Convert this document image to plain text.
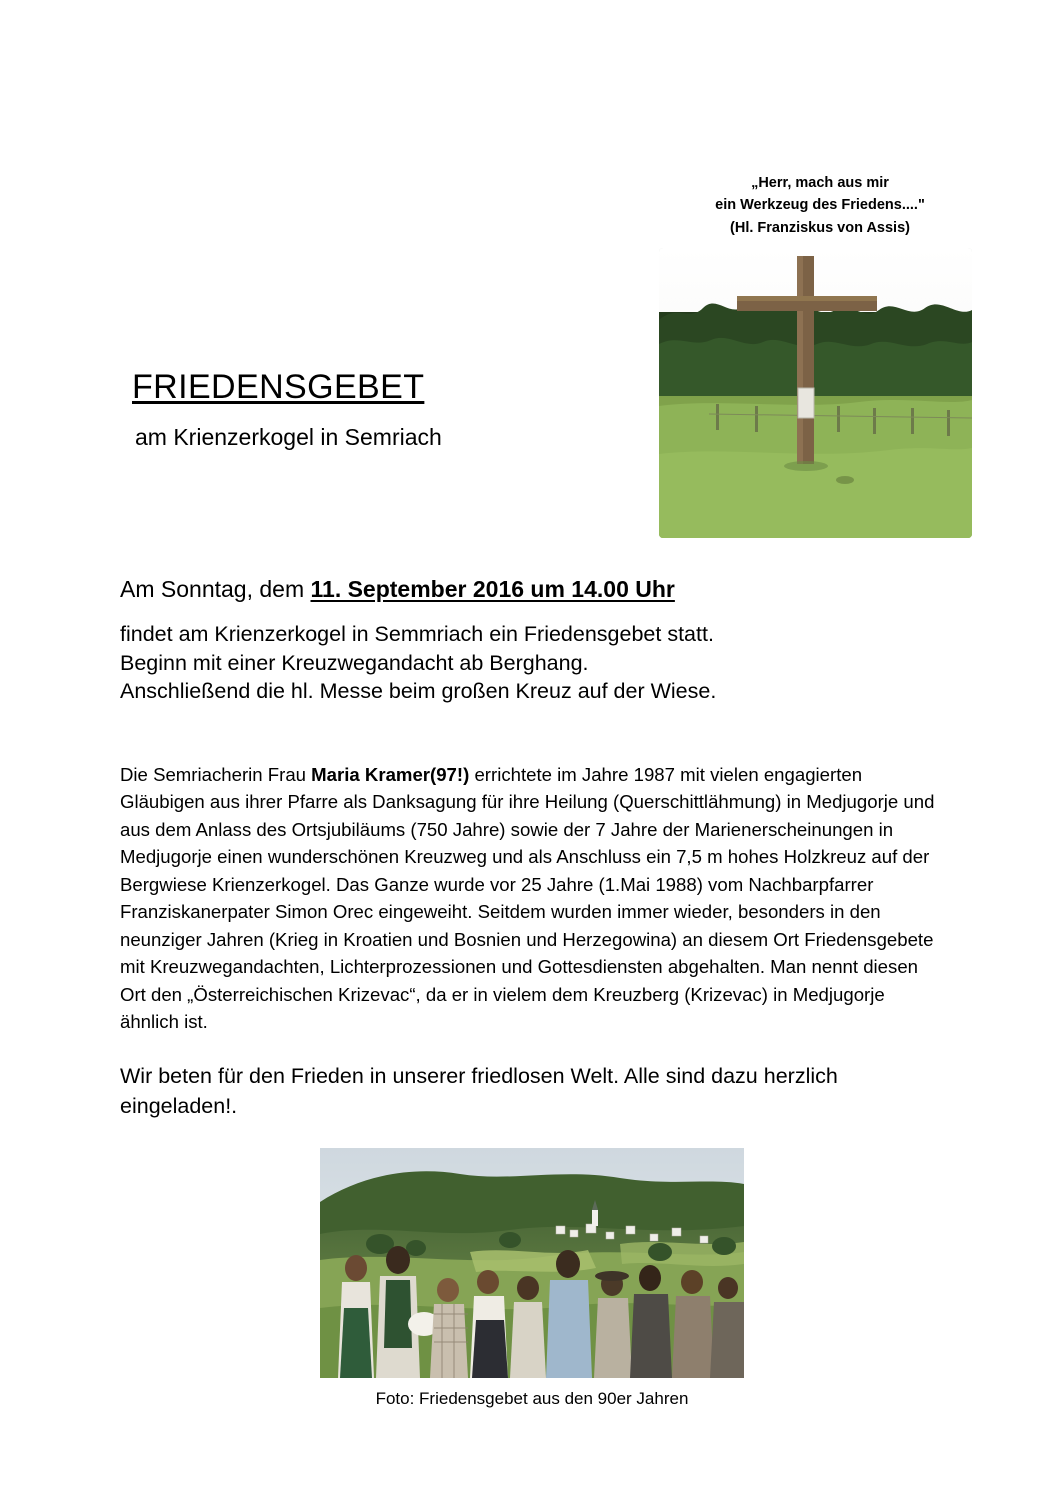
„Herr, mach aus mir
ein Werkzeug des Friedens...."
(Hl. Franziskus von Assis)
FRIEDENSGEBET
am Krienzerkogel in Semriach
Am Sonntag, dem 11. September 2016 um 14.00 Uhr
findet am Krienzerkogel in Semmriach ein Friedensgebet statt.
Beginn mit einer Kreuzwegandacht ab Berghang.
Anschließend die hl. Messe beim großen Kreuz auf der Wiese.

Die Semriacherin Frau Maria Kramer(97!) errichtete im Jahre 1987 mit vielen engagierten Gläubigen aus ihrer Pfarre als Danksagung für ihre Heilung (Querschittlähmung) in Medjugorje und aus dem Anlass des Ortsjubiläums (750 Jahre) sowie der 7 Jahre der Marienerscheinungen in Medjugorje einen wunderschönen Kreuzweg und als Anschluss ein 7,5 m hohes Holzkreuz auf der Bergwiese Krienzerkogel. Das Ganze wurde vor 25 Jahre (1.Mai 1988) vom Nachbarpfarrer Franziskanerpater Simon Orec eingeweiht. Seitdem wurden immer wieder, besonders in den neunziger Jahren (Krieg in Kroatien und Bosnien und Herzegowina) an diesem Ort Friedensgebete mit Kreuzwegandachten, Lichterprozessionen und Gottesdiensten abgehalten. Man nennt diesen Ort den „Österreichischen Krizevac“, da er in vielem dem Kreuzberg (Krizevac) in Medjugorje ähnlich ist.

Wir beten für den Frieden in unserer friedlosen Welt. Alle sind dazu herzlich eingeladen!.
Foto: Friedensgebet aus den 90er Jahren
